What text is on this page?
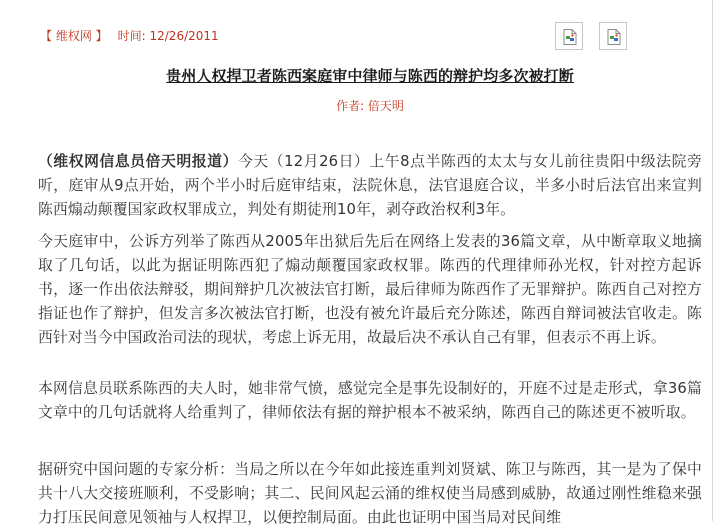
【 维权网 】 时间: 12/26/2011
贵州人权捍卫者陈西案庭审中律师与陈西的辩护均多次被打断
作者: 倍天明

（维权网信息员倍天明报道）今天（12月26日）上午8点半陈西的太太与女儿前往贵阳中级法院旁听，庭审从9点开始，两个半小时后庭审结束，法院休息，法官退庭合议，半多小时后法官出来宣判陈西煽动颠覆国家政权罪成立，判处有期徒刑10年，剥夺政治权利3年。

今天庭审中，公诉方列举了陈西从2005年出狱后先后在网络上发表的36篇文章，从中断章取义地摘取了几句话，以此为据证明陈西犯了煽动颠覆国家政权罪。陈西的代理律师孙光权，针对控方起诉书，逐一作出依法辩驳，期间辩护几次被法官打断，最后律师为陈西作了无罪辩护。陈西自己对控方指证也作了辩护，但发言多次被法官打断，也没有被允许最后充分陈述，陈西自辩词被法官收走。陈西针对当今中国政治司法的现状，考虑上诉无用，故最后决不承认自己有罪，但表示不再上诉。

本网信息员联系陈西的夫人时，她非常气愤，感觉完全是事先设制好的，开庭不过是走形式，拿36篇文章中的几句话就将人给重判了，律师依法有据的辩护根本不被采纳，陈西自己的陈述更不被听取。

据研究中国问题的专家分析：当局之所以在今年如此接连重判刘贤斌、陈卫与陈西，其一是为了保中共十八大交接班顺利，不受影响；其二、民间风起云涌的维权使当局感到威胁，故通过刚性维稳来强力打压民间意见领袖与人权捍卫，以便控制局面。由此也证明中国当局对民间维
